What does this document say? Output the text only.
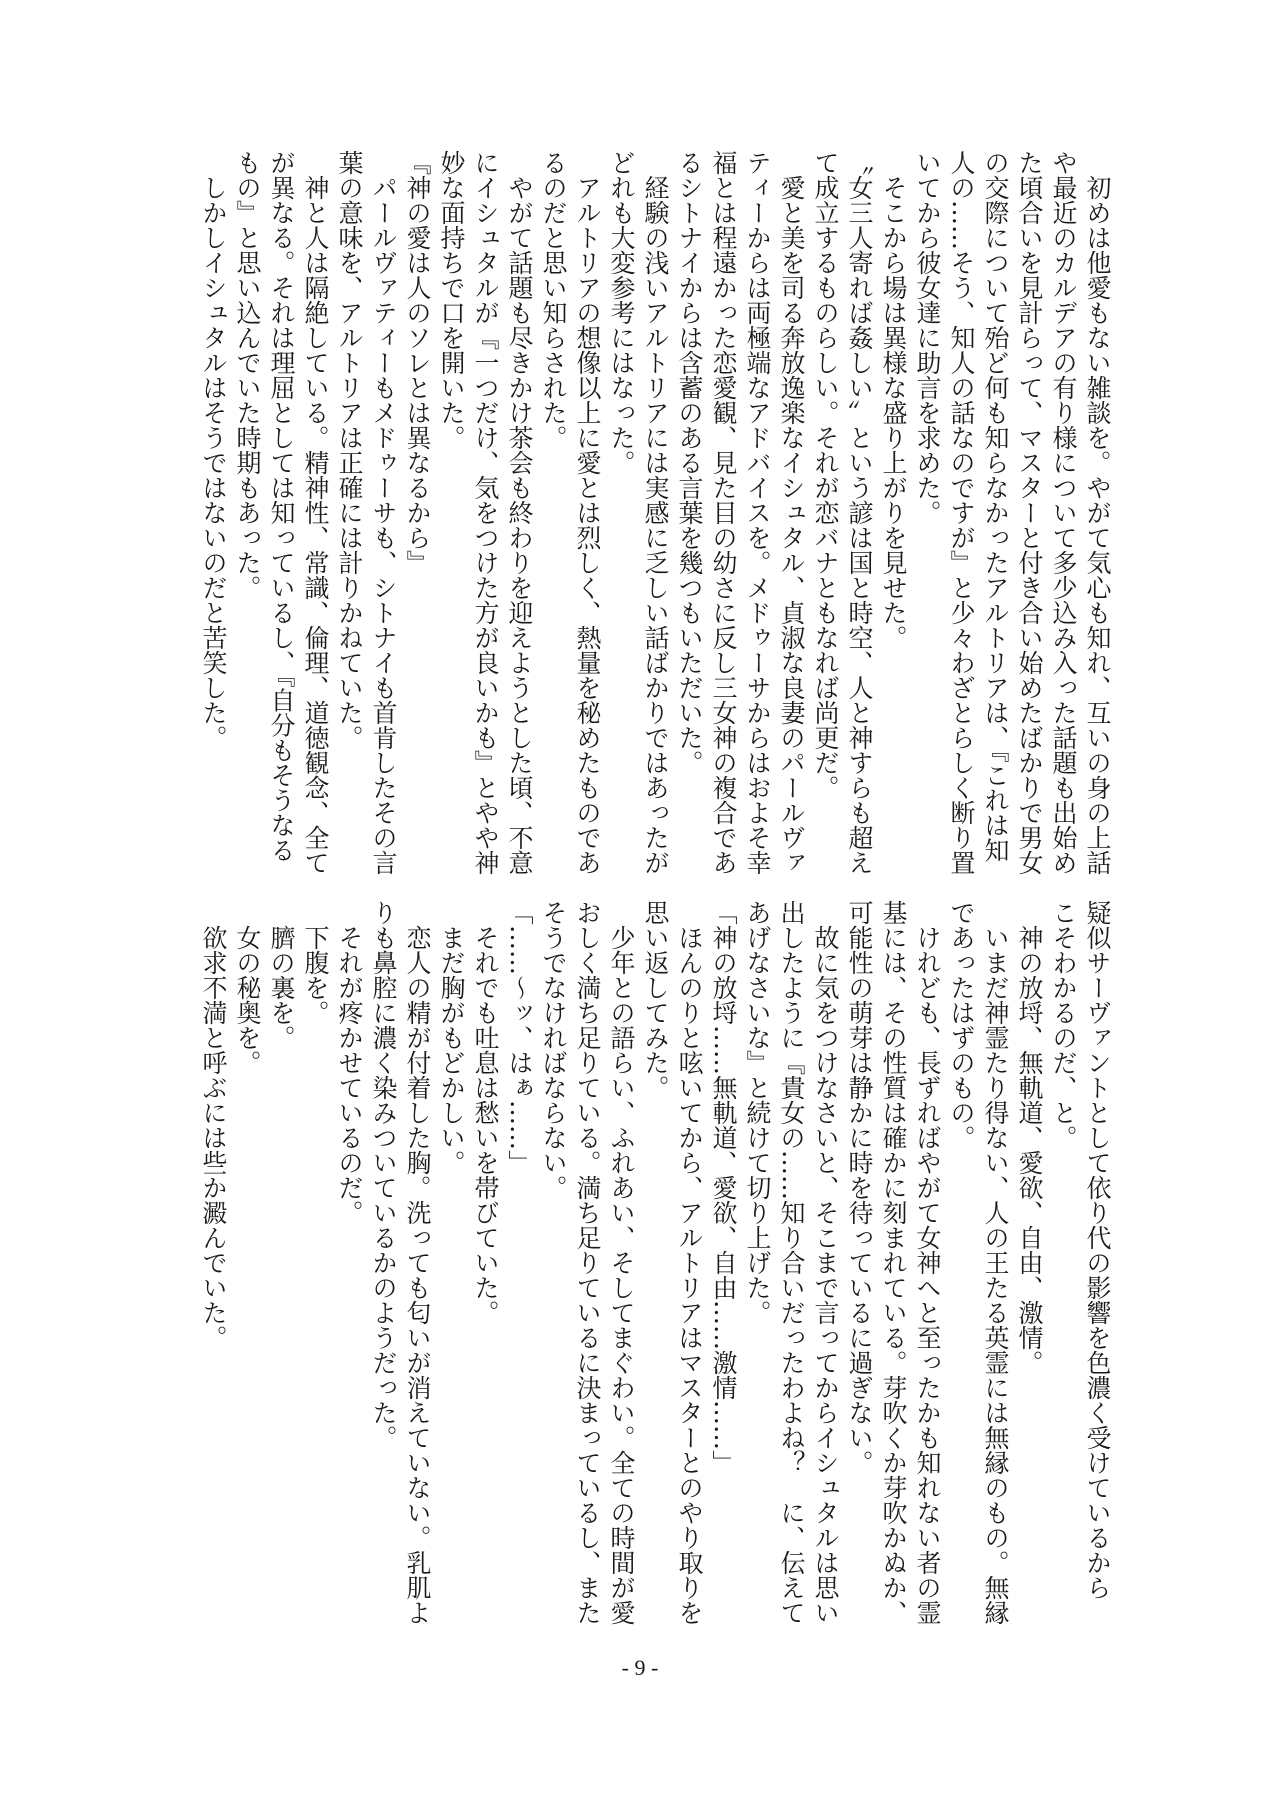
　初めは他愛もない雑談を。やがて気心も知れ、互いの身の上話
や最近のカルデアの有り様について多少込み入った話題も出始め
た頃合いを見計らって、マスターと付き合い始めたばかりで男女
の交際について殆ど何も知らなかったアルトリアは、『これは知
人の……そう、知人の話なのですが』と少々わざとらしく断り置
いてから彼女達に助言を求めた。
　そこから場は異様な盛り上がりを見せた。
〝女三人寄れば姦しい〟という諺は国と時空、人と神すらも超え
て成立するものらしい。それが恋バナともなれば尚更だ。
　愛と美を司る奔放逸楽なイシュタル、貞淑な良妻のパールヴァ
ティーからは両極端なアドバイスを。メドゥーサからはおよそ幸
福とは程遠かった恋愛観、見た目の幼さに反し三女神の複合であ
るシトナイからは含蓄のある言葉を幾つもいただいた。
　経験の浅いアルトリアには実感に乏しい話ばかりではあったが
どれも大変参考にはなった。
　アルトリアの想像以上に愛とは烈しく、熱量を秘めたものであ
るのだと思い知らされた。
　やがて話題も尽きかけ茶会も終わりを迎えようとした頃、不意
にイシュタルが『一つだけ、気をつけた方が良いかも』とやや神
妙な面持ちで口を開いた。
『神の愛は人のソレとは異なるから』
　パールヴァティーもメドゥーサも、シトナイも首肯したその言
葉の意味を、アルトリアは正確には計りかねていた。
　神と人は隔絶している。精神性、常識、倫理、道徳観念、全て
が異なる。それは理屈としては知っているし、『自分もそうなる
もの』と思い込んでいた時期もあった。
　しかしイシュタルはそうではないのだと苦笑した。
疑似サーヴァントとして依り代の影響を色濃く受けているから
こそわかるのだ、と。
　神の放埒、無軌道、愛欲、自由、激情。
　いまだ神霊たり得ない、人の王たる英霊には無縁のもの。無縁
であったはずのもの。
　けれども、長ずればやがて女神へと至ったかも知れない者の霊
基には、その性質は確かに刻まれている。芽吹くか芽吹かぬか、
可能性の萌芽は静かに時を待っているに過ぎない。
　故に気をつけなさいと、そこまで言ってからイシュタルは思い
出したように『貴女の……知り合いだったわよね？　に、伝えて
あげなさいな』と続けて切り上げた。
「神の放埒……無軌道、愛欲、自由……激情……」
　ほんのりと呟いてから、アルトリアはマスターとのやり取りを
思い返してみた。
　少年との語らい、ふれあい、そしてまぐわい。全ての時間が愛
おしく満ち足りている。満ち足りているに決まっているし、また
そうでなければならない。
「……～ッ、はぁ……」
　それでも吐息は愁いを帯びていた。
　まだ胸がもどかしい。
　恋人の精が付着した胸。洗っても匂いが消えていない。乳肌よ
りも鼻腔に濃く染みついているかのようだった。
　それが疼かせているのだ。
　下腹を。
　臍の裏を。
　女の秘奥を。
　欲求不満と呼ぶには些か澱んでいた。
- 9 -
